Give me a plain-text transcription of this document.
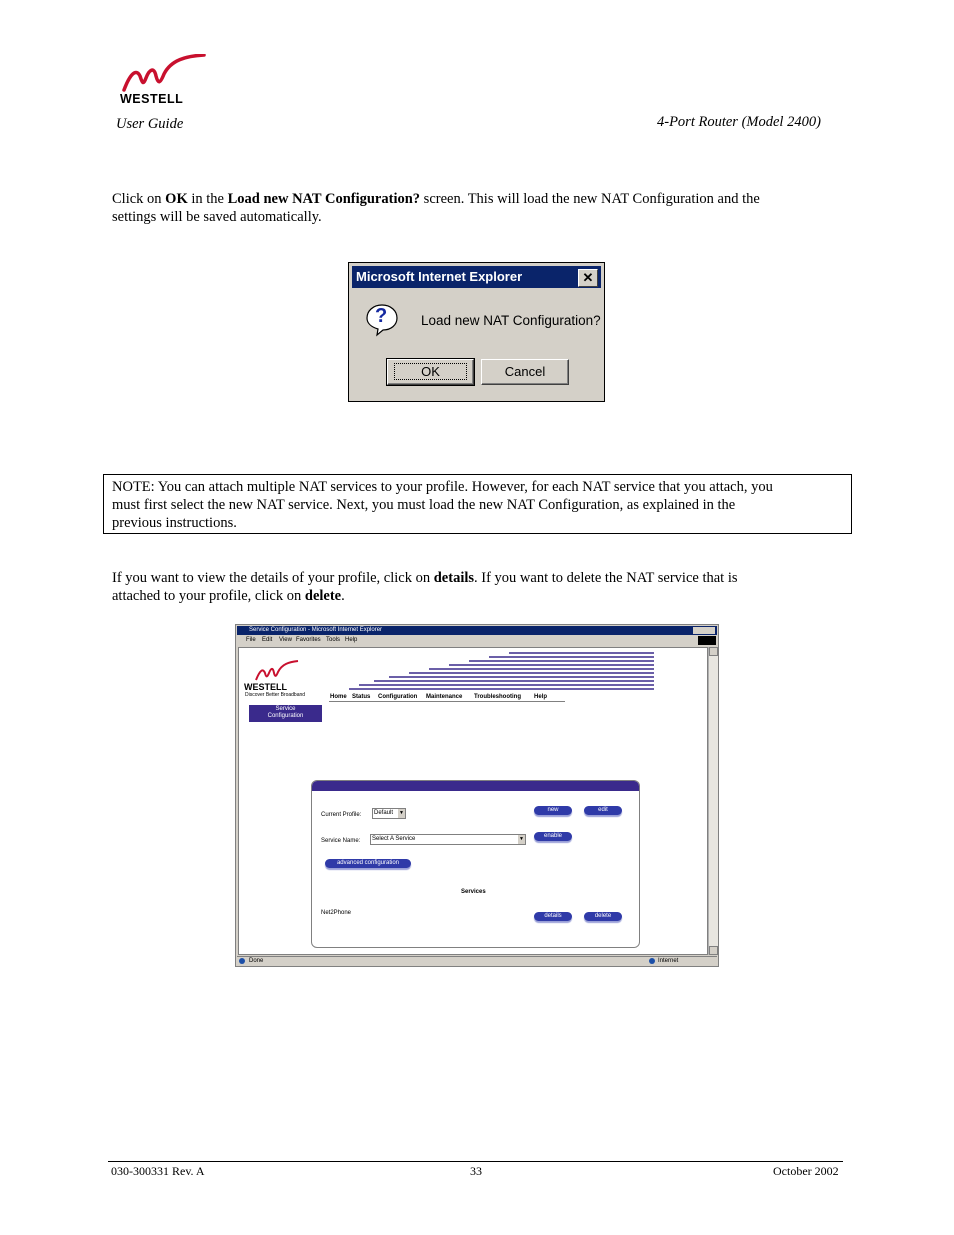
WESTELL
User Guide	4-Port Router (Model 2400)
Click on OK in the Load new NAT Configuration? screen. This will load the new NAT Configuration and the
settings will be saved automatically.
Microsoft Internet Explorer	✕
?	Load new NAT Configuration?
OK	Cancel
NOTE: You can attach multiple NAT services to your profile. However, for each NAT service that you attach, you
must first select the new NAT service. Next, you must load the new NAT Configuration, as explained in the
previous instructions.
If you want to view the details of your profile, click on details. If you want to delete the NAT service that is
attached to your profile, click on delete.
Service Configuration - Microsoft Internet Explorer
File Edit View Favorites Tools Help
WESTELL
Discover Better Broadband	Home Status Configuration Maintenance Troubleshooting Help
Service
Configuration
Current Profile:	Default ▼
Service Name:	Select A Service	▼
new	edit
enable
advanced configuration
Services
Net2Phone	details	delete
Done	Internet
030-300331 Rev. A	33	October 2002
